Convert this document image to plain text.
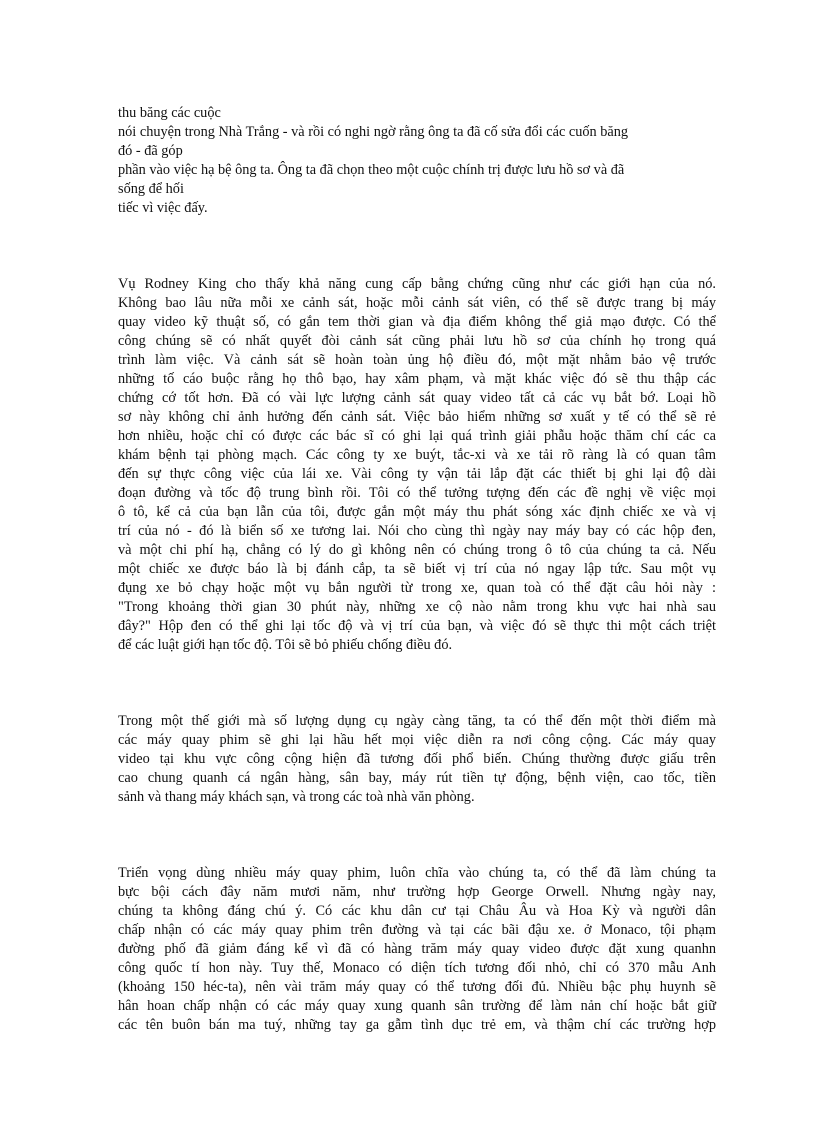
thu băng các cuộc
nói chuyện trong Nhà Trắng - và rồi có nghi ngờ rằng ông ta đã cố sửa đổi các cuốn băng
đó - đã góp
phần vào việc hạ bệ ông ta. Ông ta đã chọn theo một cuộc chính trị được lưu hồ sơ và đã
sống để hối
tiếc vì việc đấy.
Vụ Rodney King cho thấy khả năng cung cấp bằng chứng cũng như các giới hạn của nó.
Không bao lâu nữa mỗi xe cảnh sát, hoặc mỗi cảnh sát viên, có thể sẽ được trang bị máy
quay video kỹ thuật số, có gắn tem thời gian và địa điểm không thể giả mạo được. Có thể
công chúng sẽ có nhất quyết đòi cảnh sát cũng phải lưu hồ sơ của chính họ trong quá
trình làm việc. Và cảnh sát sẽ hoàn toàn ủng hộ điều đó, một mặt nhằm bảo vệ trước
những tố cáo buộc rằng họ thô bạo, hay xâm phạm, và mặt khác việc đó sẽ thu thập các
chứng cớ tốt hơn. Đã có vài lực lượng cảnh sát quay video tất cả các vụ bắt bớ. Loại hồ
sơ này không chỉ ảnh hưởng đến cảnh sát. Việc bảo hiểm những sơ xuất y tế có thể sẽ rẻ
hơn nhiều, hoặc chỉ có được các bác sĩ có ghi lại quá trình giải phẫu hoặc thăm chí các ca
khám bệnh tại phòng mạch. Các công ty xe buýt, tắc-xi và xe tải rõ ràng là có quan tâm
đến sự thực công việc của lái xe. Vài công ty vận tải lắp đặt các thiết bị ghi lại độ dài
đoạn đường và tốc độ trung bình rồi. Tôi có thể tưởng tượng đến các đề nghị về việc mọi
ô tô, kể cả của bạn lẫn của tôi, được gắn một máy thu phát sóng xác định chiếc xe và vị
trí của nó - đó là biển số xe tương lai. Nói cho cùng thì ngày nay máy bay có các hộp đen,
và một chi phí hạ, chẳng có lý do gì không nên có chúng trong ô tô của chúng ta cả. Nếu
một chiếc xe được báo là bị đánh cắp, ta sẽ biết vị trí của nó ngay lập tức. Sau một vụ
đụng xe bỏ chạy hoặc một vụ bắn người từ trong xe, quan toà có thể đặt câu hỏi này :
"Trong khoảng thời gian 30 phút này, những xe cộ nào nằm trong khu vực hai nhà sau
đây?" Hộp đen có thể ghi lại tốc độ và vị trí của bạn, và việc đó sẽ thực thi một cách triệt
để các luật giới hạn tốc độ. Tôi sẽ bỏ phiếu chống điều đó.
Trong một thế giới mà số lượng dụng cụ ngày càng tăng, ta có thể đến một thời điểm mà
các máy quay phim sẽ ghi lại hầu hết mọi việc diễn ra nơi công cộng. Các máy quay
video tại khu vực công cộng hiện đã tương đối phổ biến. Chúng thường được giấu trên
cao chung quanh cá ngân hàng, sân bay, máy rút tiền tự động, bệnh viện, cao tốc, tiền
sảnh và thang máy khách sạn, và trong các toà nhà văn phòng.
Triển vọng dùng nhiều máy quay phim, luôn chĩa vào chúng ta, có thể đã làm chúng ta
bực bội cách đây năm mươi năm, như trường hợp George Orwell. Nhưng ngày nay,
chúng ta không đáng chú ý. Có các khu dân cư tại Châu Âu và Hoa Kỳ và người dân
chấp nhận có các máy quay phim trên đường và tại các bãi đậu xe. ở Monaco, tội phạm
đường phố đã giảm đáng kể vì đã có hàng trăm máy quay video được đặt xung quanhn
công quốc tí hon này. Tuy thế, Monaco có diện tích tương đối nhỏ, chỉ có 370 mẫu Anh
(khoảng 150 héc-ta), nên vài trăm máy quay có thể tương đối đủ. Nhiều bậc phụ huynh sẽ
hân hoan chấp nhận có các máy quay xung quanh sân trường để làm nản chí hoặc bắt giữ
các tên buôn bán ma tuý, những tay ga gẫm tình dục trẻ em, và thậm chí các trường hợp
